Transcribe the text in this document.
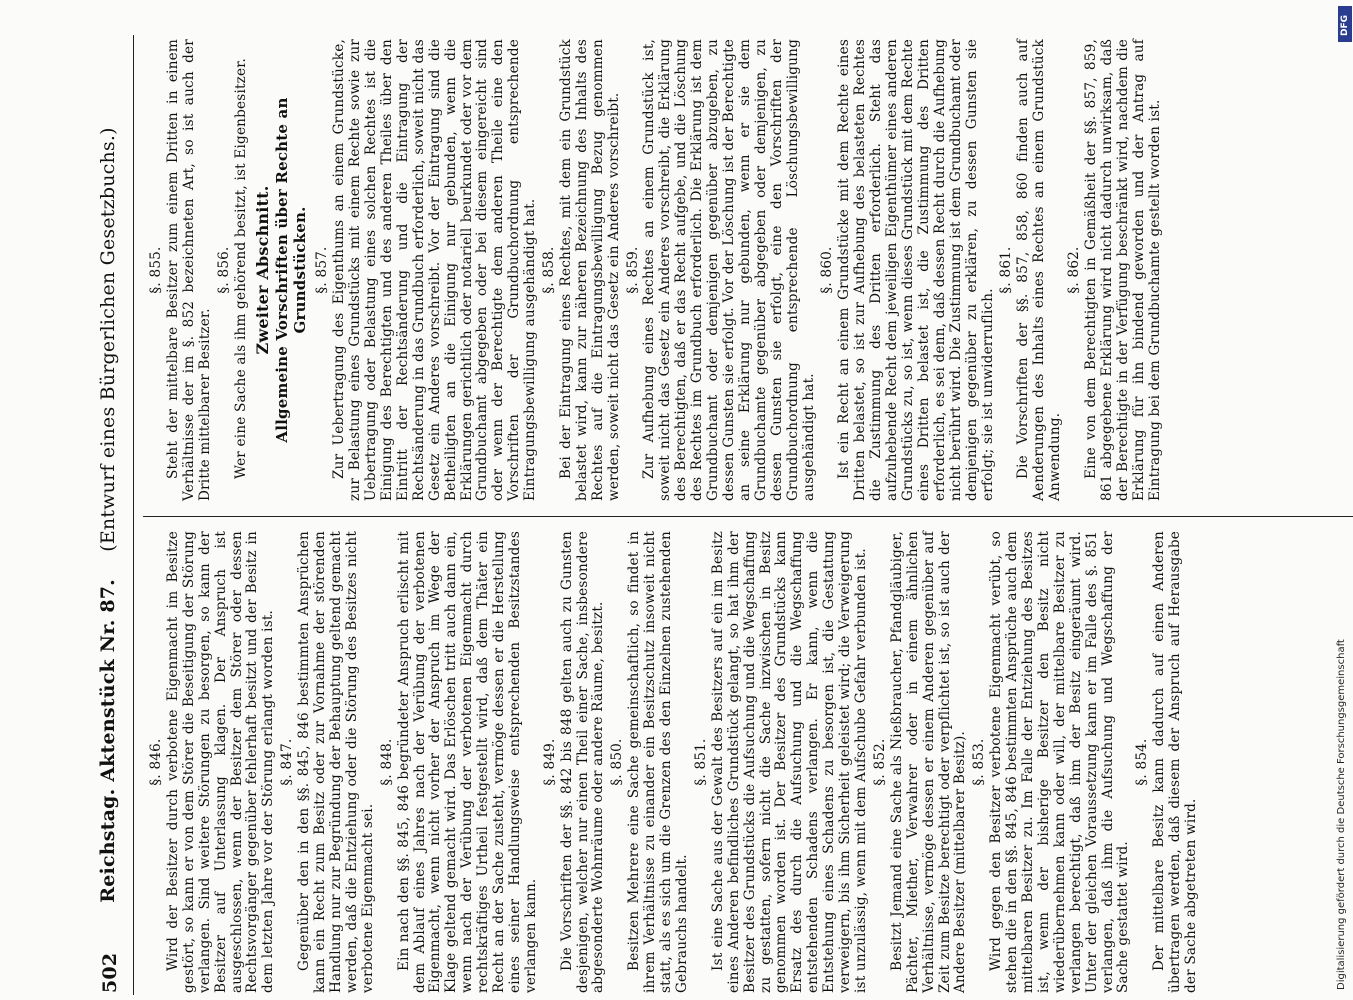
502
Reichstag. Aktenstück Nr. 87.    (Entwurf eines Bürgerlichen Gesetzbuchs.)
§. 846. Wird der Besitzer durch verbotene Eigenmacht im Besitze gestört, so kann er von dem Störer die Beseitigung der Störung verlangen. Sind weitere Störungen zu besorgen, so kann der Besitzer auf Unterlassung klagen. Der Anspruch ist ausgeschlossen, wenn der Besitzer dem Störer oder dessen Rechtsvorgänger gegenüber fehlerhaft besitzt und der Besitz in dem letzten Jahre vor der Störung erlangt worden ist. §. 847. Gegenüber den in den §§. 845, 846 bestimmten Ansprüchen kann ein Recht zum Besitz oder zur Vornahme der störenden Handlung nur zur Begründung der Behauptung geltend gemacht werden, daß die Entziehung oder die Störung des Besitzes nicht verbotene Eigenmacht sei.

§. 848. Ein nach den §§. 845, 846 begründeter Anspruch erlischt mit dem Ablauf eines Jahres nach der Verübung der verbotenen Eigenmacht, wenn nicht vorher der Anspruch im Wege der Klage geltend gemacht wird. Das Erlöschen tritt auch dann ein, wenn nach der Verübung der verbotenen Eigenmacht durch rechtskräftiges Urtheil festgestellt wird, daß dem Thäter ein Recht an der Sache zusteht, vermöge dessen er die Herstellung eines seiner Handlungsweise entsprechenden Besitzstandes verlangen kann.

§. 849. Die Vorschriften der §§. 842 bis 848 gelten auch zu Gunsten desjenigen, welcher nur einen Theil einer Sache, insbesondere abgesonderte Wohnräume oder andere Räume, besitzt. §. 850. Besitzen Mehrere eine Sache gemeinschaftlich, so findet in ihrem Verhältnisse zu einander ein Besitzschutz insoweit nicht statt, als es sich um die Grenzen des den Einzelnen zustehenden Gebrauchs handelt.

§. 851. Ist eine Sache aus der Gewalt des Besitzers auf ein im Besitz eines Anderen befindliches Grundstück gelangt, so hat ihm der Besitzer des Grundstücks die Aufsuchung und die Wegschaffung zu gestatten, sofern nicht die Sache inzwischen in Besitz genommen worden ist. Der Besitzer des Grundstücks kann Ersatz des durch die Aufsuchung und die Wegschaffung entstehenden Schadens verlangen. Er kann, wenn die Entstehung eines Schadens zu besorgen ist, die Gestattung verweigern, bis ihm Sicherheit geleistet wird; die Verweigerung ist unzulässig, wenn mit dem Aufschube Gefahr verbunden ist. §. 852. Besitzt Jemand eine Sache als Nießbraucher, Pfandgläubiger, Pächter, Miether, Verwahrer oder in einem ähnlichen Verhältnisse, vermöge dessen er einem Anderen gegenüber auf Zeit zum Besitze berechtigt oder verpflichtet ist, so ist auch der Andere Besitzer (mittelbarer Besitz). §. 853. Wird gegen den Besitzer verbotene Eigenmacht verübt, so stehen die in den §§. 845, 846 bestimmten Ansprüche auch dem mittelbaren Besitzer zu. Im Falle der Entziehung des Besitzes ist, wenn der bisherige Besitzer den Besitz nicht wiederübernehmen kann oder will, der mittelbare Besitzer zu verlangen berechtigt, daß ihm der Besitz eingeräumt wird. Unter der gleichen Voraussetzung kann er im Falle des §. 851 verlangen, daß ihm die Aufsuchung und Wegschaffung der Sache gestattet wird.

§. 854. Der mittelbare Besitz kann dadurch auf einen Anderen übertragen werden, daß diesem der Anspruch auf Herausgabe der Sache abgetreten wird.

§. 855. Steht der mittelbare Besitzer zum einem Dritten in einem Verhältnisse der im §. 852 bezeichneten Art, so ist auch der Dritte mittelbarer Besitzer.

§. 856. Wer eine Sache als ihm gehörend besitzt, ist Eigenbesitzer. Zweiter Abschnitt. Allgemeine Vorschriften über Rechte an Grundstücken. §. 857. Zur Uebertragung des Eigenthums an einem Grundstücke, zur Belastung eines Grundstücks mit einem Rechte sowie zur Uebertragung oder Belastung eines solchen Rechtes ist die Einigung des Berechtigten und des anderen Theiles über den Eintritt der Rechtsänderung und die Eintragung der Rechtsänderung in das Grundbuch erforderlich, soweit nicht das Gesetz ein Anderes vorschreibt. Vor der Eintragung sind die Betheiligten an die Einigung nur gebunden, wenn die Erklärungen gerichtlich oder notariell beurkundet oder vor dem Grundbuchamt abgegeben oder bei diesem eingereicht sind oder wenn der Berechtigte dem anderen Theile eine den Vorschriften der Grundbuchordnung entsprechende Eintragungsbewilligung ausgehändigt hat. §. 858. Bei der Eintragung eines Rechtes, mit dem ein Grundstück belastet wird, kann zur näheren Bezeichnung des Inhalts des Rechtes auf die Eintragungsbewilligung Bezug genommen werden, soweit nicht das Gesetz ein Anderes vorschreibt. §. 859. Zur Aufhebung eines Rechtes an einem Grundstück ist, soweit nicht das Gesetz ein Anderes vorschreibt, die Erklärung des Berechtigten, daß er das Recht aufgebe, und die Löschung des Rechtes im Grundbuch erforderlich. Die Erklärung ist dem Grundbuchamt oder demjenigen gegenüber abzugeben, zu dessen Gunsten sie erfolgt. Vor der Löschung ist der Berechtigte an seine Erklärung nur gebunden, wenn er sie dem Grundbuchamte gegenüber abgegeben oder demjenigen, zu dessen Gunsten sie erfolgt, eine den Vorschriften der Grundbuchordnung entsprechende Löschungsbewilligung ausgehändigt hat.

§. 860. Ist ein Recht an einem Grundstücke mit dem Rechte eines Dritten belastet, so ist zur Aufhebung des belasteten Rechtes die Zustimmung des Dritten erforderlich. Steht das aufzuhebende Recht dem jeweiligen Eigenthümer eines anderen Grundstücks zu, so ist, wenn dieses Grundstück mit dem Rechte eines Dritten belastet ist, die Zustimmung des Dritten erforderlich, es sei denn, daß dessen Recht durch die Aufhebung nicht berührt wird. Die Zustimmung ist dem Grundbuchamt oder demjenigen gegenüber zu erklären, zu dessen Gunsten sie erfolgt; sie ist unwiderruflich.

§. 861. Die Vorschriften der §§. 857, 858, 860 finden auch auf Aenderungen des Inhalts eines Rechtes an einem Grundstück Anwendung.

§. 862. Eine von dem Berechtigten in Gemäßheit der §§. 857, 859, 861 abgegebene Erklärung wird nicht dadurch unwirksam, daß der Berechtigte in der Verfügung beschränkt wird, nachdem die Erklärung für ihn bindend geworden und der Antrag auf Eintragung bei dem Grundbuchamte gestellt worden ist.

Digitalisierung gefördert durch die Deutsche Forschungsgemeinschaft
DFG
